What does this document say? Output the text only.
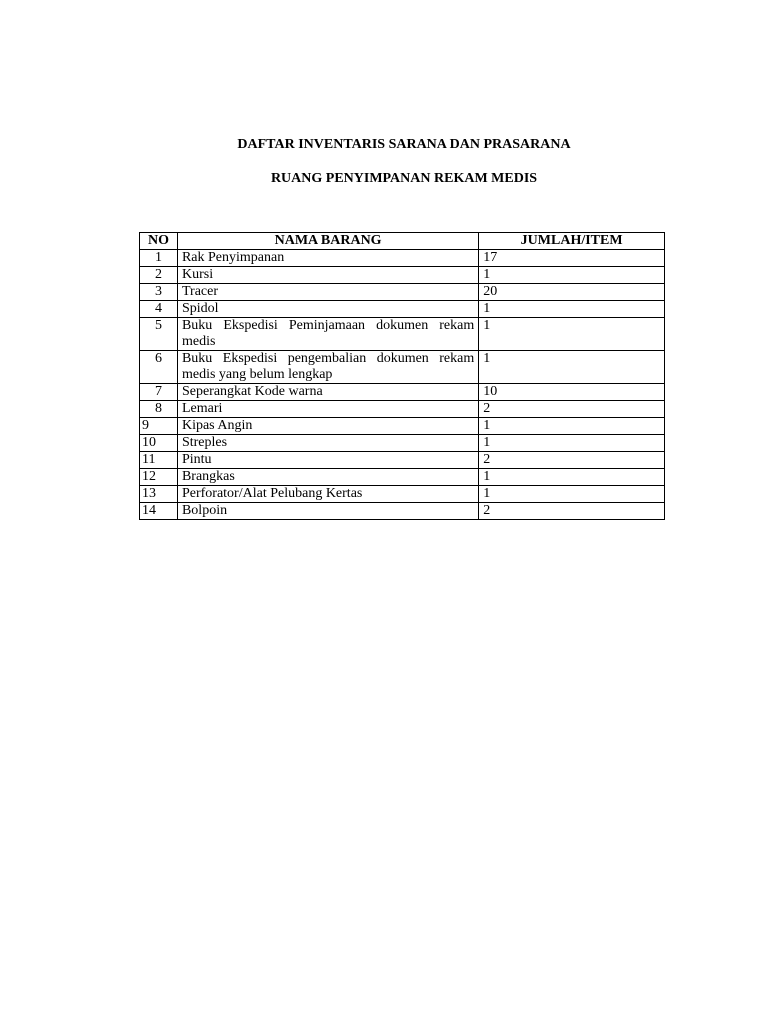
DAFTAR INVENTARIS SARANA DAN PRASARANA
RUANG PENYIMPANAN REKAM MEDIS
NO	NAMA BARANG	JUMLAH/ITEM
1	Rak Penyimpanan	17
2	Kursi	1
3	Tracer	20
4	Spidol	1
5	Buku Ekspedisi Peminjamaan dokumen rekam medis	1
6	Buku Ekspedisi pengembalian dokumen rekam medis yang belum lengkap	1
7	Seperangkat Kode warna	10
8	Lemari	2
9	Kipas Angin	1
10	Streples	1
11	Pintu	2
12	Brangkas	1
13	Perforator/Alat Pelubang Kertas	1
14	Bolpoin	2
